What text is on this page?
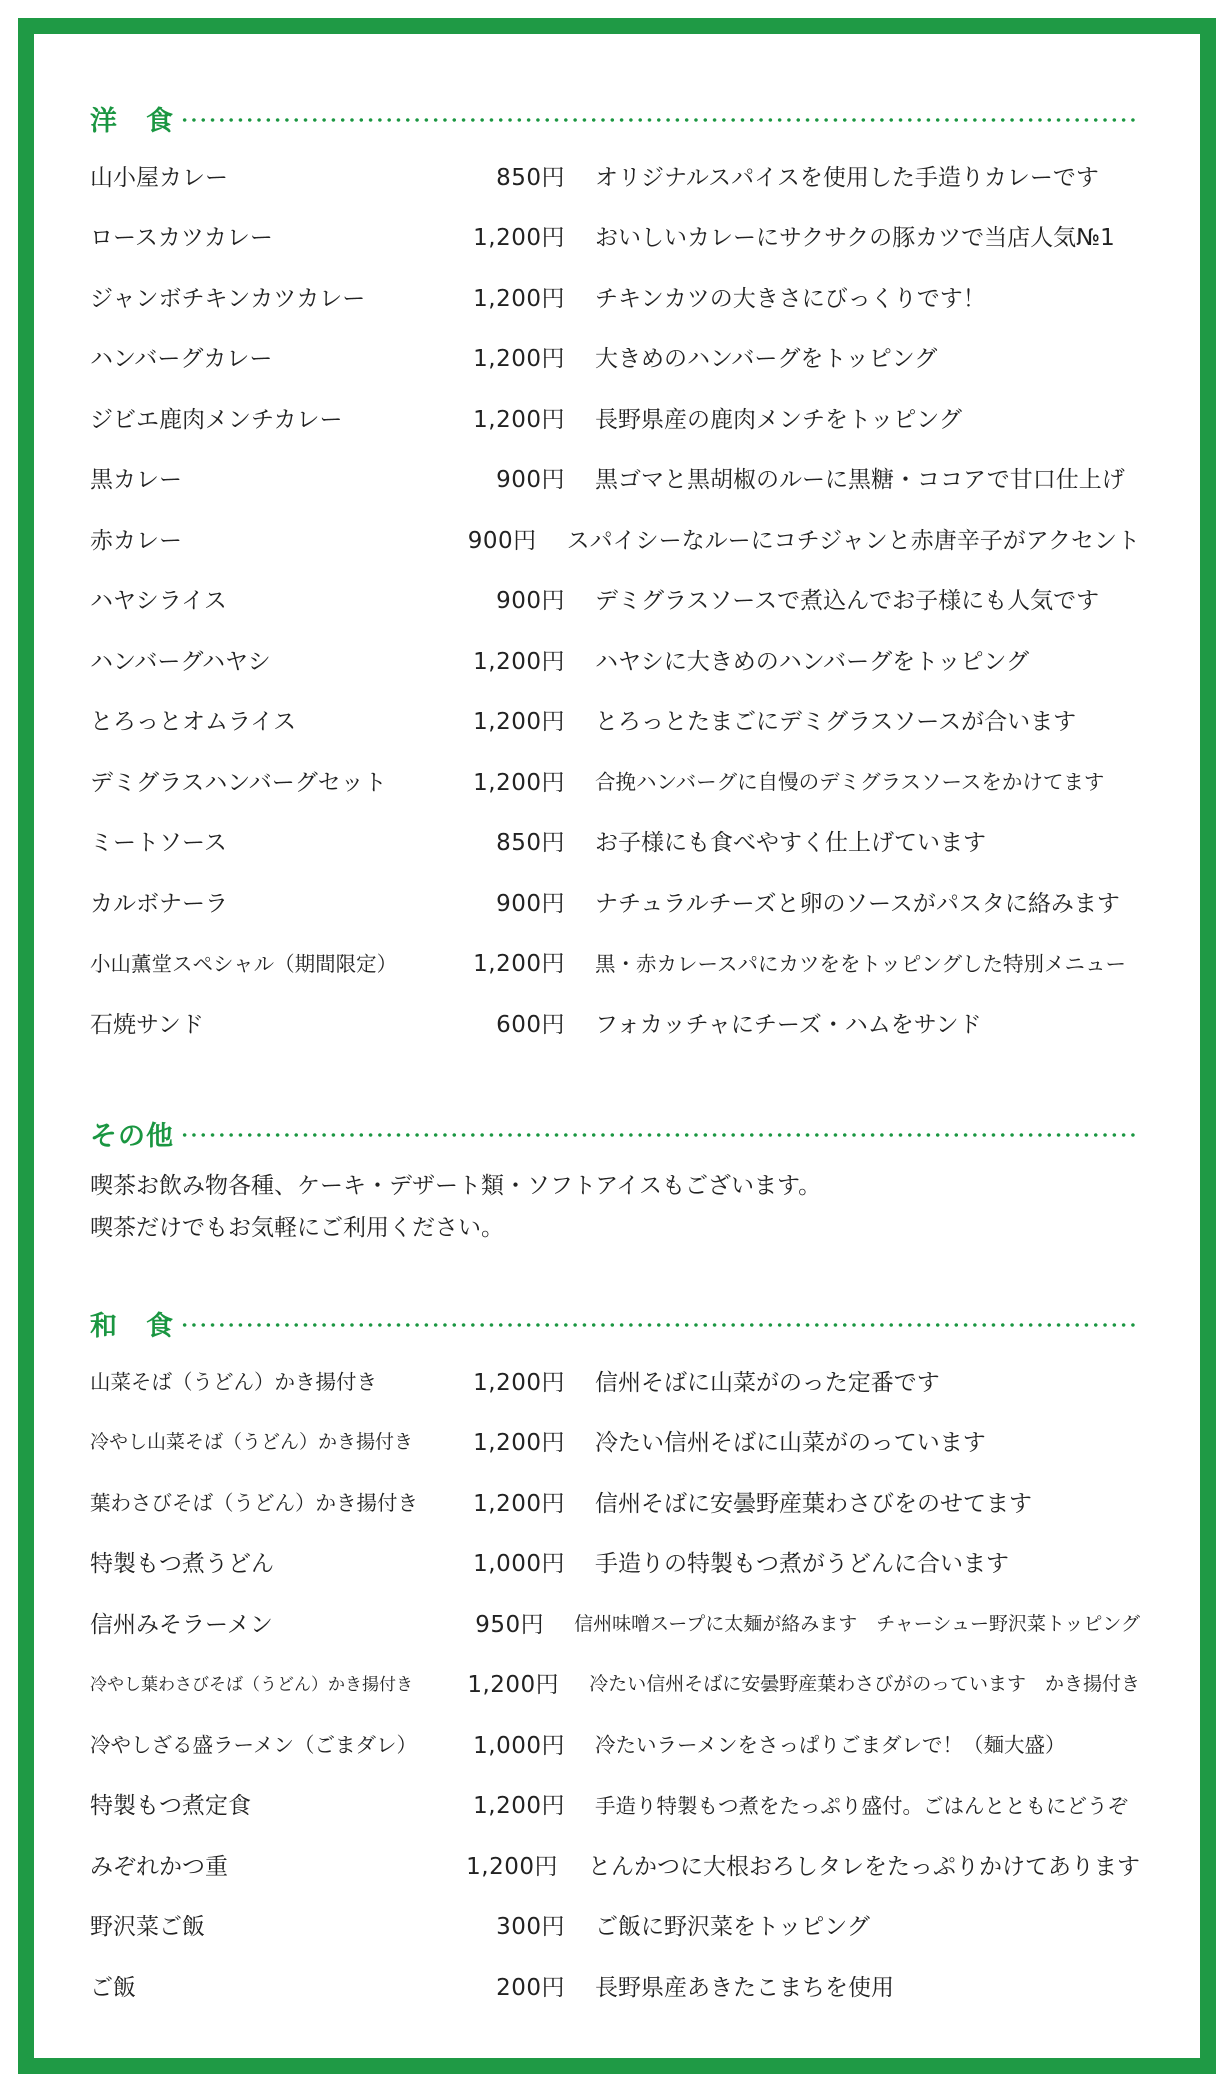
洋　食
山小屋カレー	850円 オリジナルスパイスを使用した手造りカレーです
ロースカツカレー	1,200円 おいしいカレーにサクサクの豚カツで当店人気№1
ジャンボチキンカツカレー	1,200円 チキンカツの大きさにびっくりです！
ハンバーグカレー	1,200円 大きめのハンバーグをトッピング
ジビエ鹿肉メンチカレー	1,200円 長野県産の鹿肉メンチをトッピング
黒カレー	900円 黒ゴマと黒胡椒のルーに黒糖・ココアで甘口仕上げ
赤カレー	900円 スパイシーなルーにコチジャンと赤唐辛子がアクセント
ハヤシライス	900円 デミグラスソースで煮込んでお子様にも人気です
ハンバーグハヤシ	1,200円 ハヤシに大きめのハンバーグをトッピング
とろっとオムライス	1,200円 とろっとたまごにデミグラスソースが合います
デミグラスハンバーグセット	1,200円 合挽ハンバーグに自慢のデミグラスソースをかけてます
ミートソース	850円 お子様にも食べやすく仕上げています
カルボナーラ	900円 ナチュラルチーズと卵のソースがパスタに絡みます
小山薫堂スペシャル（期間限定）	1,200円 黒・赤カレースパにカツををトッピングした特別メニュー
石焼サンド	600円 フォカッチャにチーズ・ハムをサンド
その他

喫茶お飲み物各種、ケーキ・デザート類・ソフトアイスもございます。

喫茶だけでもお気軽にご利用ください。

和　食
山菜そば（うどん）かき揚付き	1,200円 信州そばに山菜がのった定番です
冷やし山菜そば（うどん）かき揚付き	1,200円 冷たい信州そばに山菜がのっています
葉わさびそば（うどん）かき揚付き	1,200円 信州そばに安曇野産葉わさびをのせてます
特製もつ煮うどん	1,000円 手造りの特製もつ煮がうどんに合います
信州みそラーメン	950円 信州味噌スープに太麺が絡みます　チャーシュー野沢菜トッピング
冷やし葉わさびそば（うどん）かき揚付き	1,200円 冷たい信州そばに安曇野産葉わさびがのっています　かき揚付き
冷やしざる盛ラーメン（ごまダレ）	1,000円 冷たいラーメンをさっぱりごまダレで！（麺大盛）
特製もつ煮定食	1,200円 手造り特製もつ煮をたっぷり盛付。ごはんとともにどうぞ
みぞれかつ重	1,200円 とんかつに大根おろしタレをたっぷりかけてあります
野沢菜ご飯	300円 ご飯に野沢菜をトッピング
ご飯	200円 長野県産あきたこまちを使用
